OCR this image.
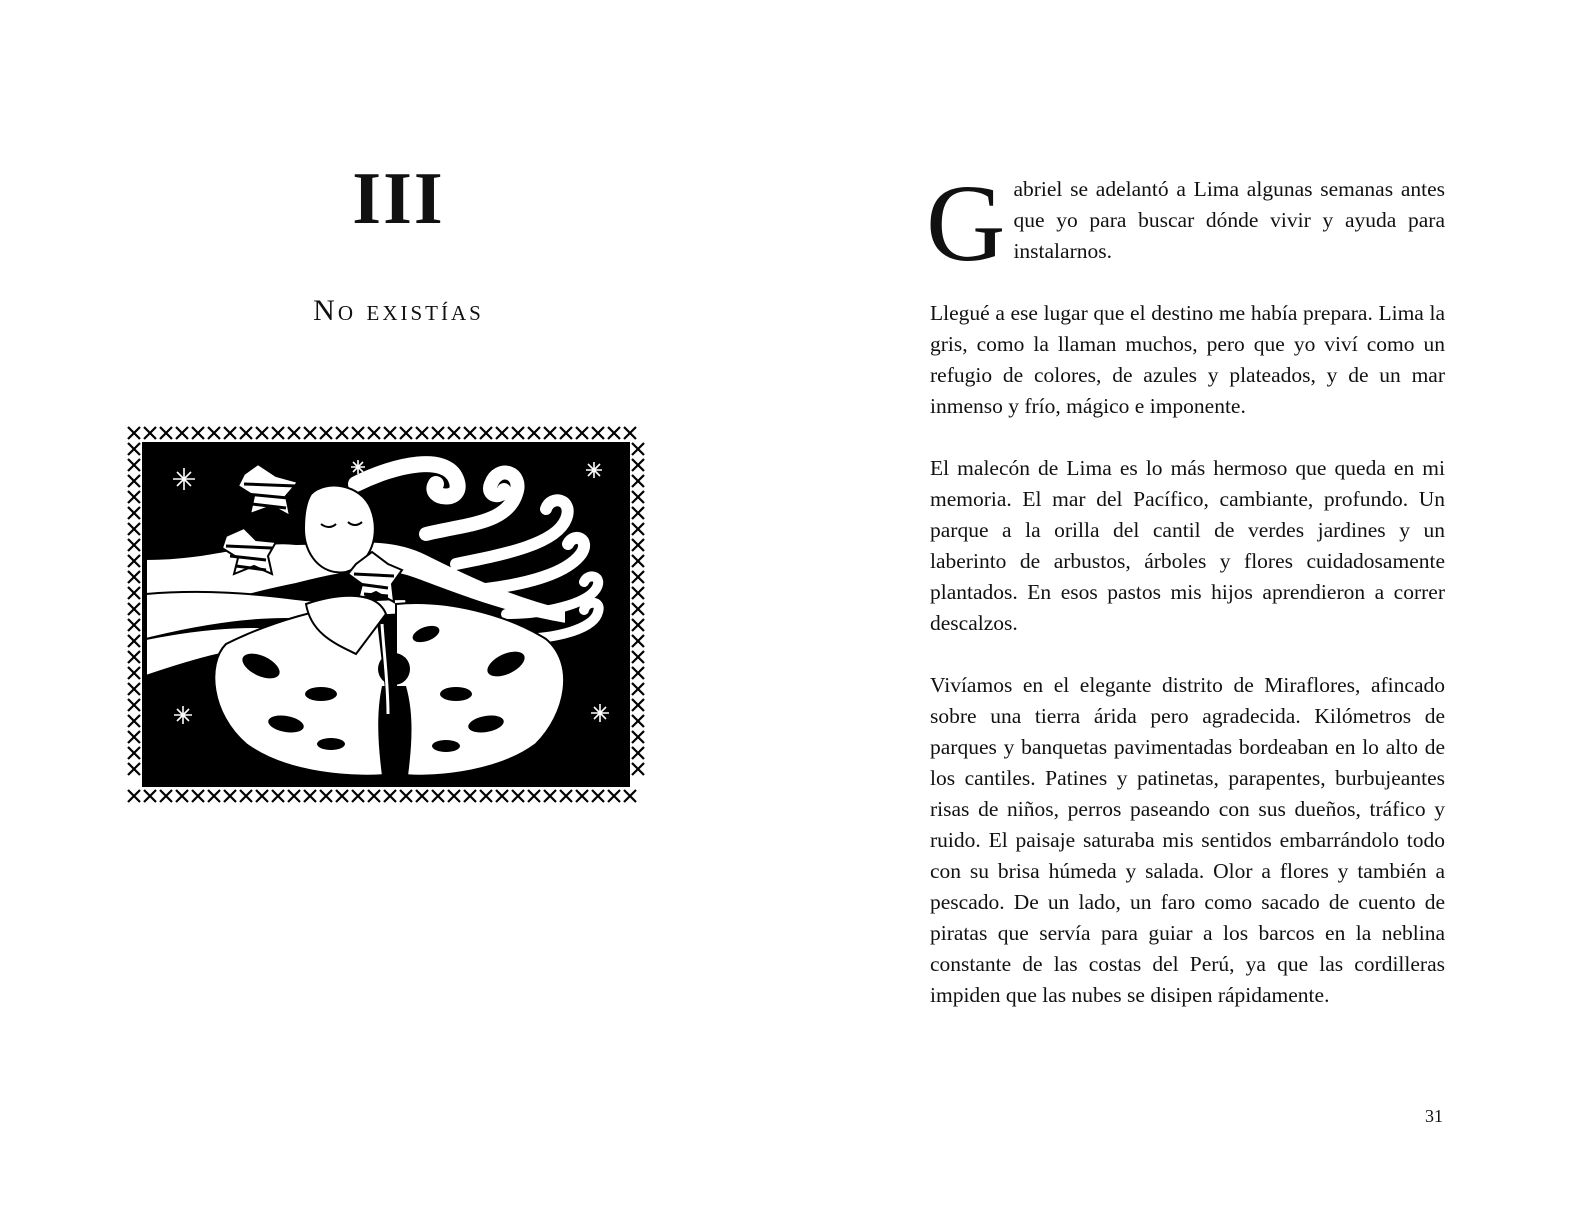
III
No existías

Gabriel se adelantó a Lima algunas semanas antes que yo para buscar dónde vivir y ayuda para instalarnos.

Llegué a ese lugar que el destino me había prepara. Lima la gris, como la llaman muchos, pero que yo viví como un refugio de colores, de azules y plateados, y de un mar inmenso y frío, mágico e imponente.

El malecón de Lima es lo más hermoso que queda en mi memoria. El mar del Pacífico, cambiante, profundo. Un parque a la orilla del cantil de verdes jardines y un laberinto de arbustos, árboles y flores cuidadosamente plantados. En esos pastos mis hijos aprendieron a correr descalzos.

Vivíamos en el elegante distrito de Miraflores, afincado sobre una tierra árida pero agradecida. Kilómetros de parques y banquetas pavimentadas bordeaban en lo alto de los cantiles. Patines y patinetas, parapentes, burbujeantes risas de niños, perros paseando con sus dueños, tráfico y ruido. El paisaje saturaba mis sentidos embarrándolo todo con su brisa húmeda y salada. Olor a flores y también a pescado. De un lado, un faro como sacado de cuento de piratas que servía para guiar a los barcos en la neblina constante de las costas del Perú, ya que las cordilleras impiden que las nubes se disipen rápidamente.

31
